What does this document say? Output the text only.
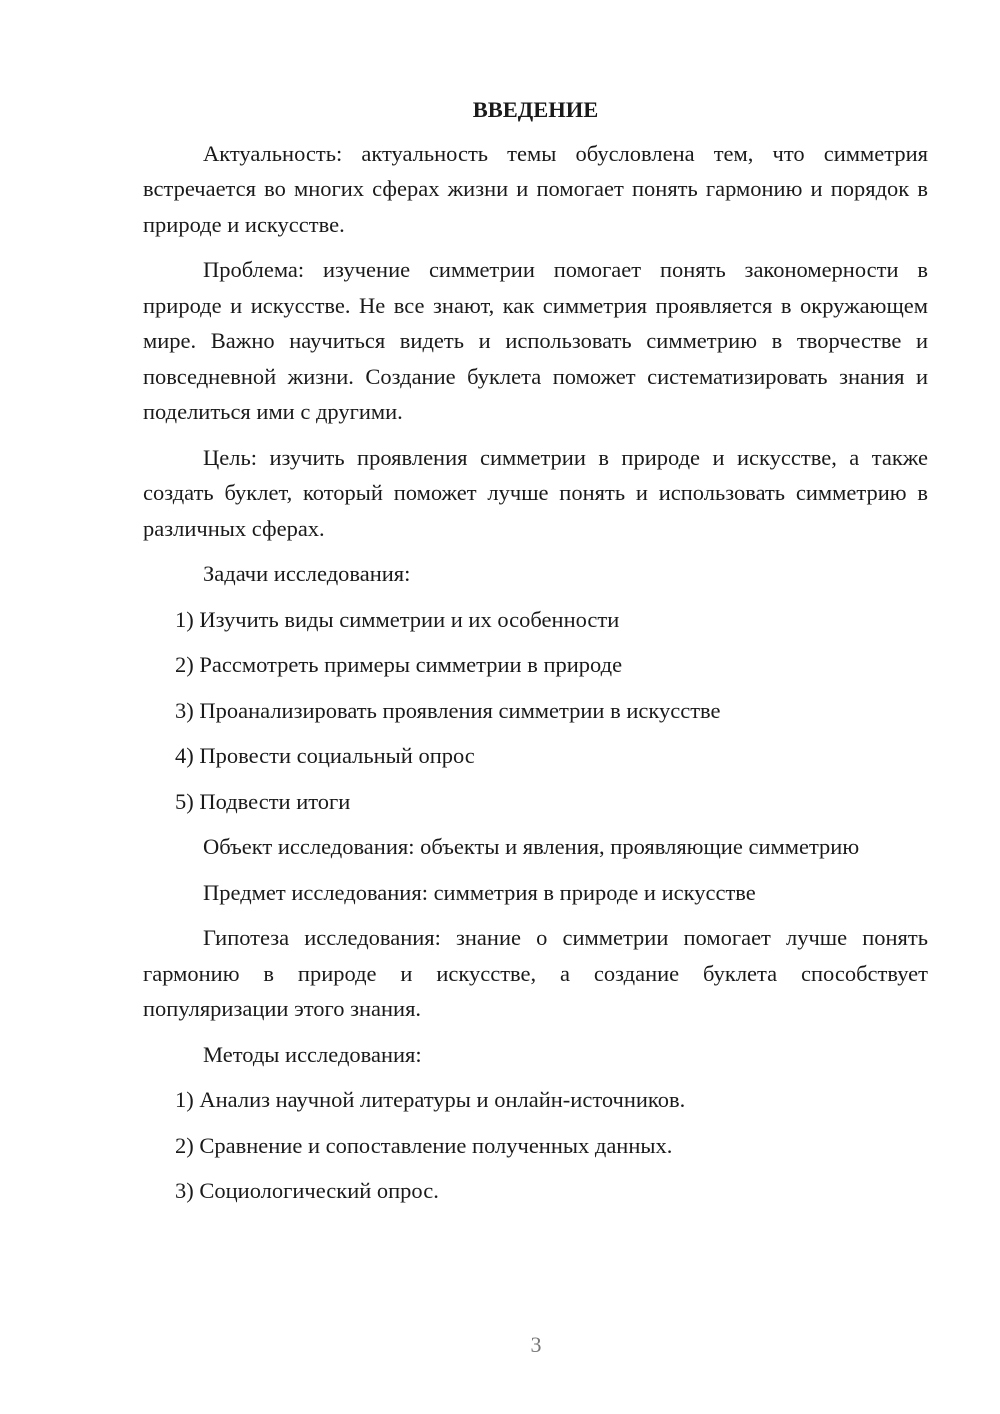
ВВЕДЕНИЕ

Актуальность: актуальность темы обусловлена тем, что симметрия встречается во многих сферах жизни и помогает понять гармонию и порядок в природе и искусстве.

Проблема: изучение симметрии помогает понять закономерности в природе и искусстве. Не все знают, как симметрия проявляется в окружающем мире. Важно научиться видеть и использовать симметрию в творчестве и повседневной жизни. Создание буклета поможет систематизировать знания и поделиться ими с другими.

Цель: изучить проявления симметрии в природе и искусстве, а также создать буклет, который поможет лучше понять и использовать симметрию в различных сферах.

Задачи исследования:

1) Изучить виды симметрии и их особенности
2) Рассмотреть примеры симметрии в природе
3) Проанализировать проявления симметрии в искусстве
4) Провести социальный опрос
5) Подвести итоги

Объект исследования: объекты и явления, проявляющие симметрию

Предмет исследования: симметрия в природе и искусстве

Гипотеза исследования: знание о симметрии помогает лучше понять гармонию в природе и искусстве, а создание буклета способствует популяризации этого знания.

Методы исследования:

1) Анализ научной литературы и онлайн-источников.
2) Сравнение и сопоставление полученных данных.
3) Социологический опрос.
3
